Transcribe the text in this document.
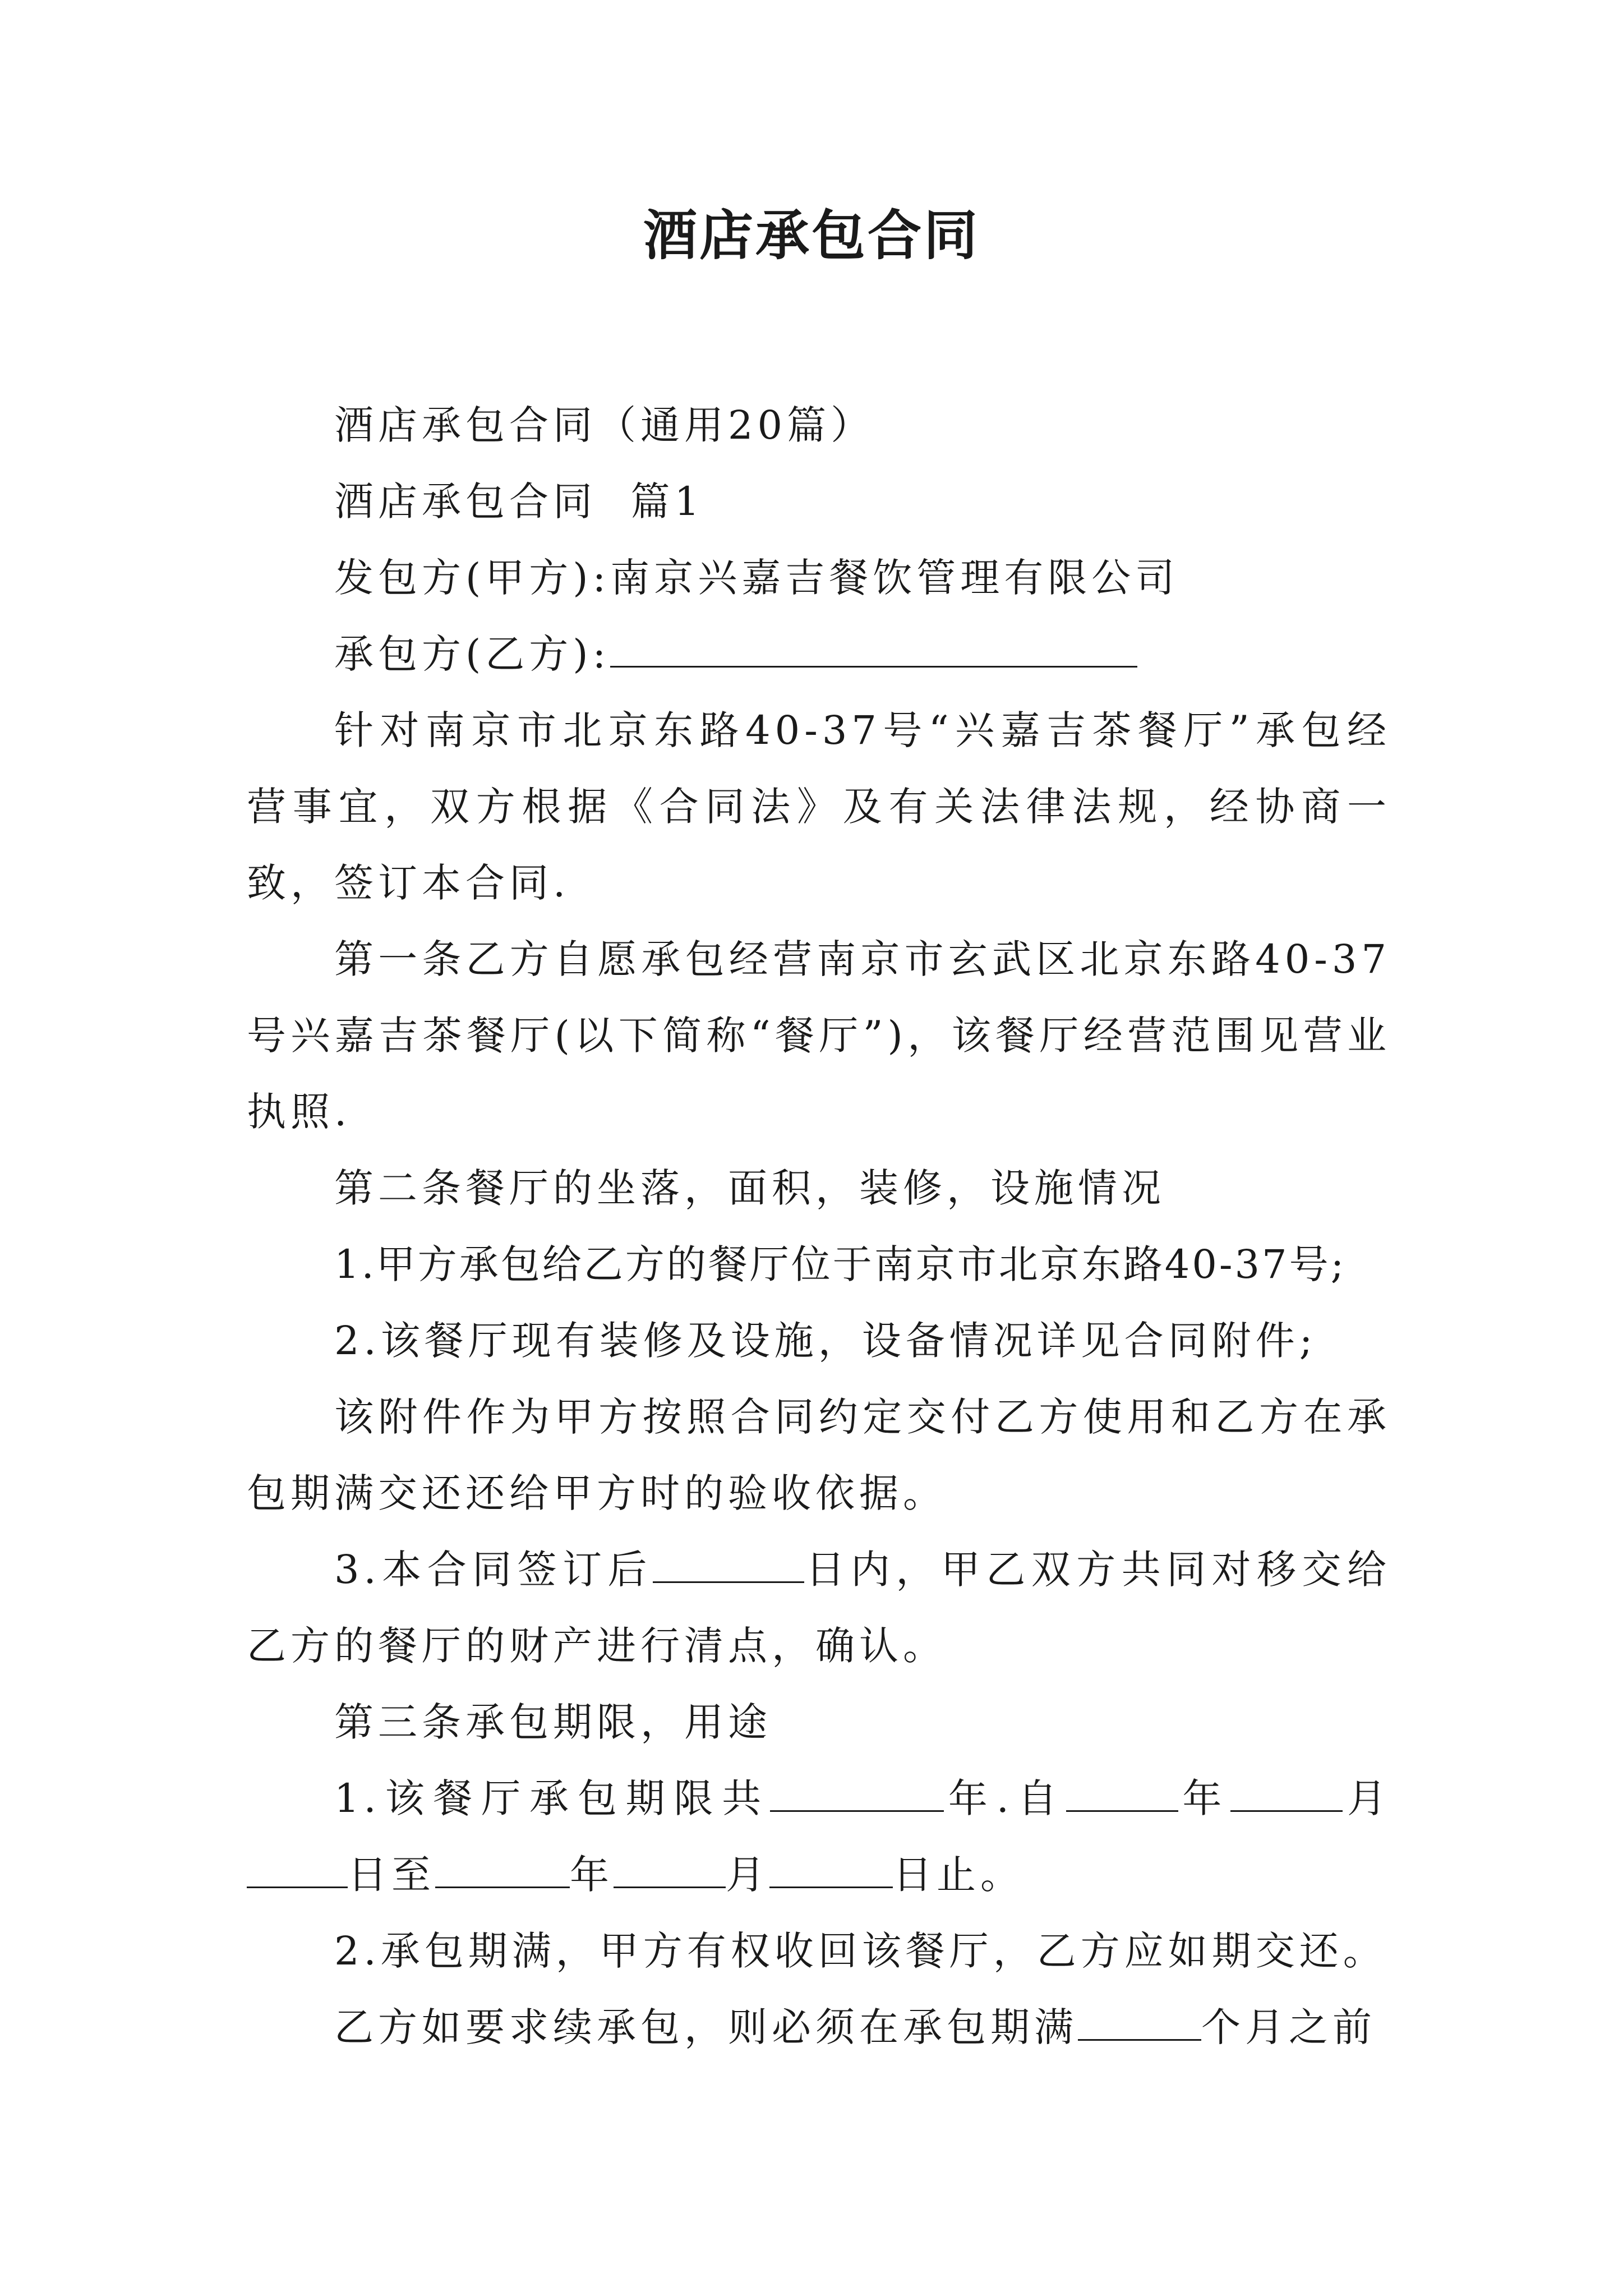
酒店承包合同

酒店承包合同（通用20篇）

酒店承包合同  篇1

发包方(甲方):南京兴嘉吉餐饮管理有限公司

承包方(乙方):

针对南京市北京东路40-37号“兴嘉吉茶餐厅”承包经营事宜，双方根据《合同法》及有关法律法规，经协商一致，签订本合同.

第一条乙方自愿承包经营南京市玄武区北京东路40-37号兴嘉吉茶餐厅(以下简称“餐厅”)，该餐厅经营范围见营业执照.

第二条餐厅的坐落，面积，装修，设施情况

1.甲方承包给乙方的餐厅位于南京市北京东路40-37号;

2.该餐厅现有装修及设施，设备情况详见合同附件;

该附件作为甲方按照合同约定交付乙方使用和乙方在承包期满交还还给甲方时的验收依据。

3.本合同签订后	日内，甲乙双方共同对移交给乙方的餐厅的财产进行清点，确认。

第三条承包期限，用途

1.该餐厅承包期限共	年.自	年	月 日至	年	月	日止。

2.承包期满，甲方有权收回该餐厅，乙方应如期交还。

乙方如要求续承包，则必须在承包期满	个月之前
